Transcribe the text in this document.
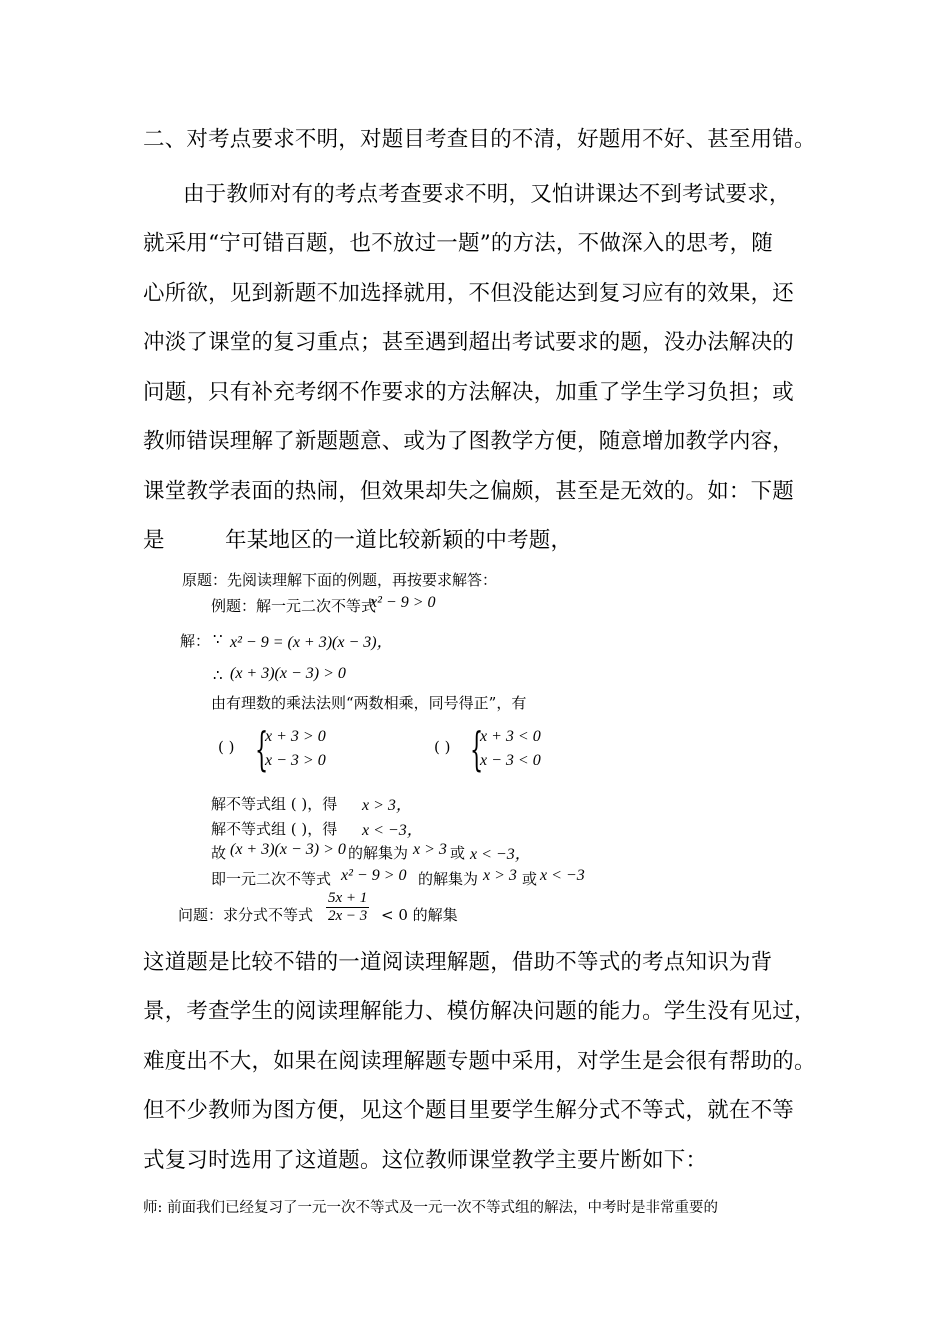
二、对考点要求不明，对题目考查目的不清，好题用不好、甚至用错。
由于教师对有的考点考查要求不明，又怕讲课达不到考试要求，
就采用“宁可错百题，也不放过一题”的方法，不做深入的思考，随
心所欲，见到新题不加选择就用，不但没能达到复习应有的效果，还
冲淡了课堂的复习重点；甚至遇到超出考试要求的题，没办法解决的
问题，只有补充考纲不作要求的方法解决，加重了学生学习负担；或
教师错误理解了新题题意、或为了图教学方便，随意增加教学内容，
课堂教学表面的热闹，但效果却失之偏颇，甚至是无效的。如：下题
是	年某地区的一道比较新颖的中考题，
原题：先阅读理解下面的例题，再按要求解答：
例题：解一元二次不等式
x² − 9 > 0
解： ∵ x² − 9 = (x + 3)(x − 3)，
∴ (x + 3)(x − 3) > 0
由有理数的乘法法则“两数相乘，同号得正”，有
( ) {
x + 3 > 0
x − 3 > 0
( ) {
x + 3 < 0
x − 3 < 0
解不等式组 ( )，得 x > 3，
解不等式组 ( )，得 x < −3，
故 (x + 3)(x − 3) > 0 的解集为 x > 3 或 x < −3，
即一元二次不等式 x² − 9 > 0 的解集为 x > 3 或 x < −3
问题：求分式不等式 $\frac{5x + 1}{2x - 3} < 0$ 的解集
这道题是比较不错的一道阅读理解题，借助不等式的考点知识为背
景，考查学生的阅读理解能力、模仿解决问题的能力。学生没有见过，
难度出不大，如果在阅读理解题专题中采用，对学生是会很有帮助的。
但不少教师为图方便，见这个题目里要学生解分式不等式，就在不等
式复习时选用了这道题。这位教师课堂教学主要片断如下：
师: 前面我们已经复习了一元一次不等式及一元一次不等式组的解法，中考时是非常重要的
